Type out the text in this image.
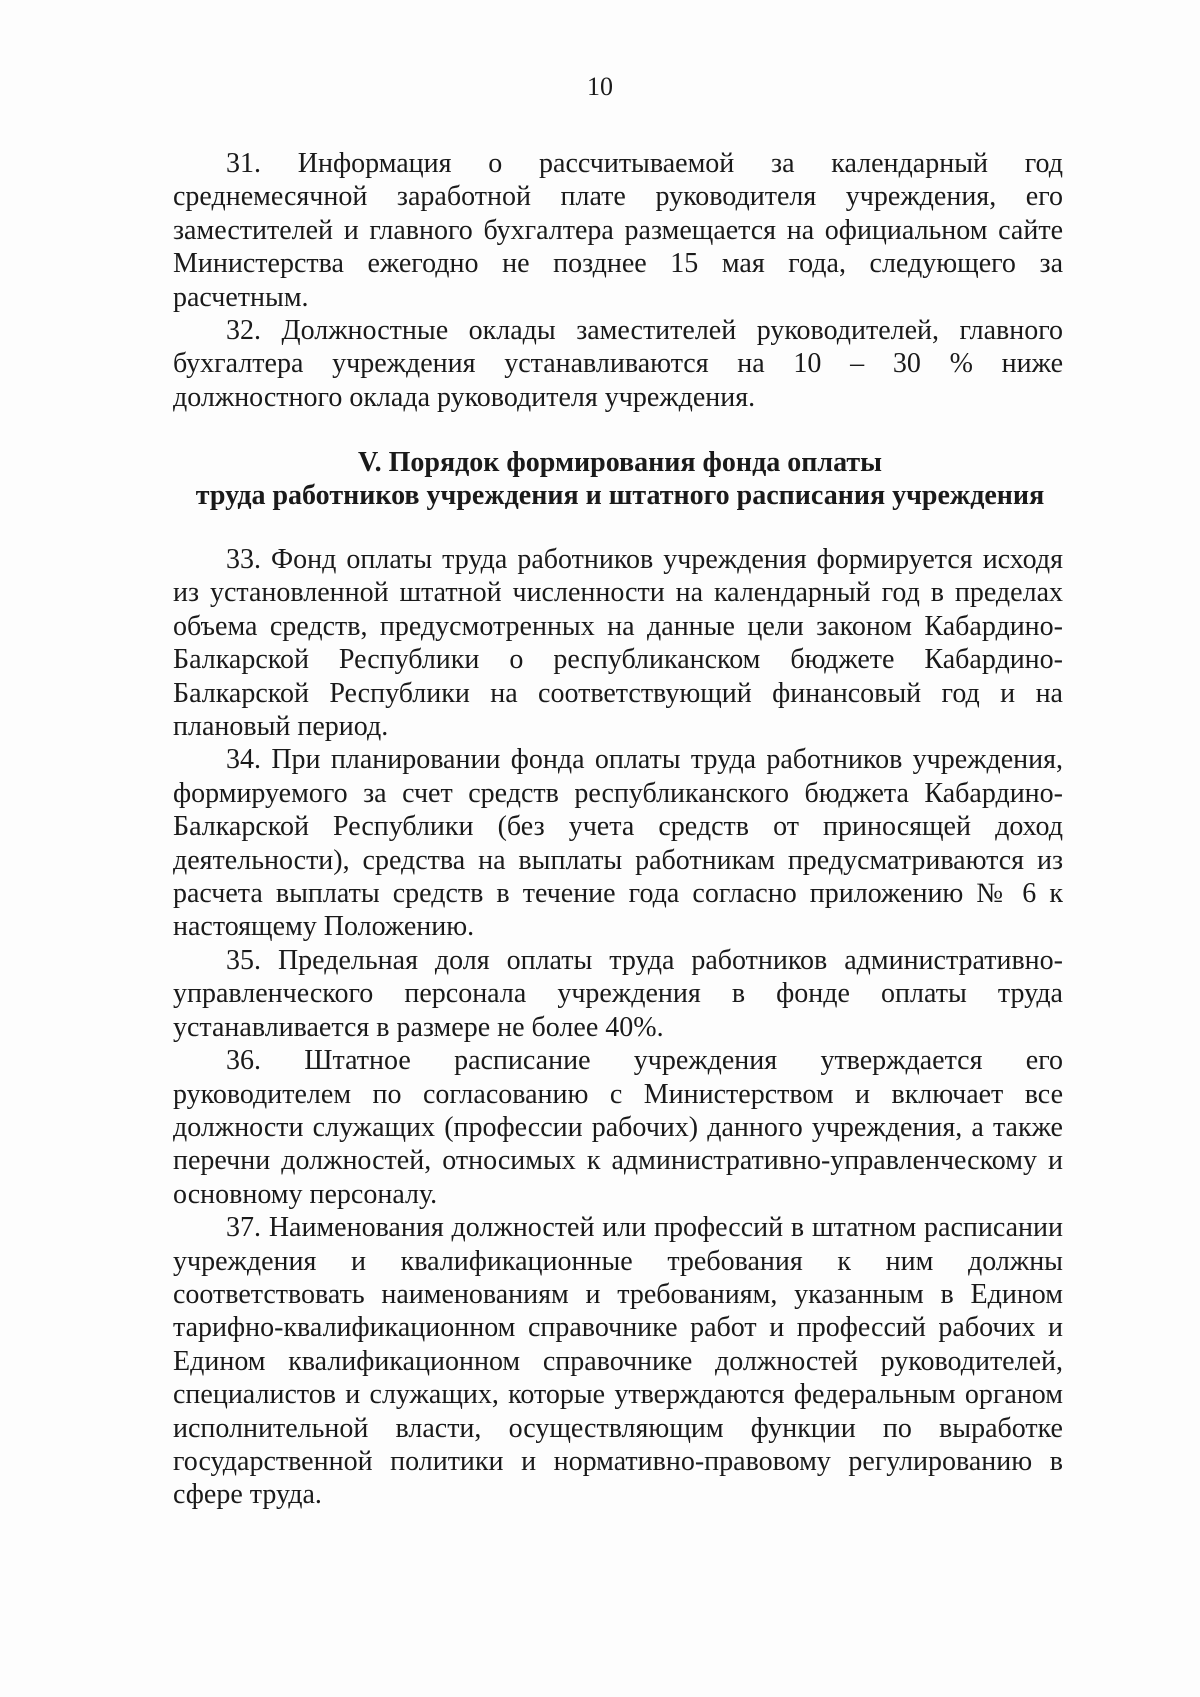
10

31. Информация о рассчитываемой за календарный год среднемесячной заработной плате руководителя учреждения, его заместителей и главного бухгалтера размещается на официальном сайте Министерства ежегодно не позднее 15 мая года, следующего за расчетным.

32. Должностные оклады заместителей руководителей, главного бухгалтера учреждения устанавливаются на 10 – 30 % ниже должностного оклада руководителя учреждения.

V. Порядок формирования фонда оплаты
труда работников учреждения и штатного расписания учреждения

33. Фонд оплаты труда работников учреждения формируется исходя из установленной штатной численности на календарный год в пределах объема средств, предусмотренных на данные цели законом Кабардино-Балкарской Республики о республиканском бюджете Кабардино-Балкарской Республики на соответствующий финансовый год и на плановый период.

34. При планировании фонда оплаты труда работников учреждения, формируемого за счет средств республиканского бюджета Кабардино-Балкарской Республики (без учета средств от приносящей доход деятельности), средства на выплаты работникам предусматриваются из расчета выплаты средств в течение года согласно приложению № 6 к настоящему Положению.

35. Предельная доля оплаты труда работников административно-управленческого персонала учреждения в фонде оплаты труда устанавливается в размере не более 40%.

36. Штатное расписание учреждения утверждается его руководителем по согласованию с Министерством и включает все должности служащих (профессии рабочих) данного учреждения, а также перечни должностей, относимых к административно-управленческому и основному персоналу.

37. Наименования должностей или профессий в штатном расписании учреждения и квалификационные требования к ним должны соответствовать наименованиям и требованиям, указанным в Едином тарифно-квалификационном справочнике работ и профессий рабочих и Едином квалификационном справочнике должностей руководителей, специалистов и служащих, которые утверждаются федеральным органом исполнительной власти, осуществляющим функции по выработке государственной политики и нормативно-правовому регулированию в сфере труда.
